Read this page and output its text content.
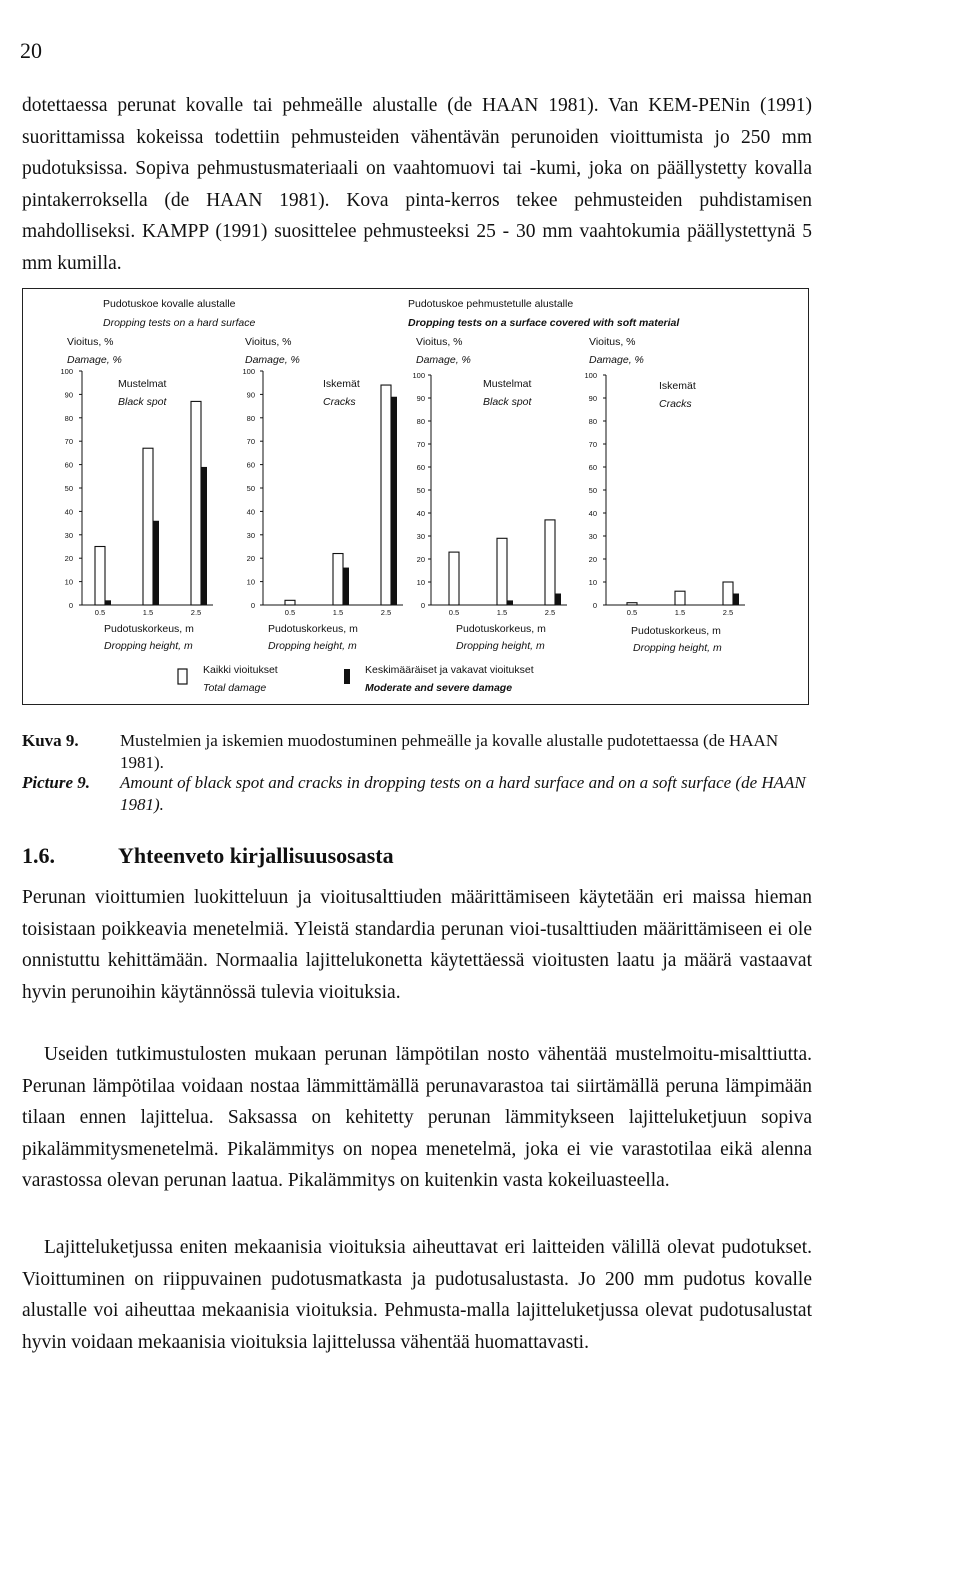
20

dotettaessa perunat kovalle tai pehmeälle alustalle (de HAAN 1981). Van KEM-PENin (1991) suorittamissa kokeissa todettiin pehmusteiden vähentävän perunoiden vioittumista jo 250 mm pudotuksissa. Sopiva pehmustusmateriaali on vaahtomuovi tai -kumi, joka on päällystetty kovalla pintakerroksella (de HAAN 1981). Kova pinta-kerros tekee pehmusteiden puhdistamisen mahdolliseksi. KAMPP (1991) suosittelee pehmusteeksi 25 - 30 mm vaahtokumia päällystettynä 5 mm kumilla.

Pudotuskoe kovalle alustalle
Dropping tests on a hard surface
Pudotuskoe pehmustetulle alustalle
Dropping tests on a surface covered with soft material
Vioitus, %
Damage, %
Mustelmat
Black spot
Pudotuskorkeus, m
Dropping height, m
Vioitus, %
Damage, %
Iskemät
Cracks
Pudotuskorkeus, m
Dropping height, m
Vioitus, %
Damage, %
Mustelmat
Black spot
Pudotuskorkeus, m
Dropping height, m
Vioitus, %
Damage, %
Iskemät
Cracks
Pudotuskorkeus, m
Dropping height, m
Kaikki vioitukset
Total damage
Keskimääräiset ja vakavat vioitukset
Moderate and severe damage
0
10
20
30
40
50
60
70
80
90
100
0.5	1.5	2.5
0
10
20
30
40
50
60
70
80
90
100
0.5	1.5	2.5
0
10
20
30
40
50
60
70
80
90
100
0.5	1.5	2.5
0
10
20
30
40
50
60
70
80
90
100
0.5	1.5	2.5
Kuva 9.	Mustelmien ja iskemien muodostuminen pehmeälle ja kovalle alustalle pudotettaessa (de HAAN 1981).
Picture 9.	Amount of black spot and cracks in dropping tests on a hard surface and on a soft surface (de HAAN 1981).
1.6.	Yhteenveto kirjallisuusosasta

Perunan vioittumien luokitteluun ja vioitusalttiuden määrittämiseen käytetään eri maissa hieman toisistaan poikkeavia menetelmiä. Yleistä standardia perunan vioi-tusalttiuden määrittämiseen ei ole onnistuttu kehittämään. Normaalia lajittelukonetta käytettäessä vioitusten laatu ja määrä vastaavat hyvin perunoihin käytännössä tulevia vioituksia.

Useiden tutkimustulosten mukaan perunan lämpötilan nosto vähentää mustelmoitu-misalttiutta. Perunan lämpötilaa voidaan nostaa lämmittämällä perunavarastoa tai siirtämällä peruna lämpimään tilaan ennen lajittelua. Saksassa on kehitetty perunan lämmitykseen lajitteluketjuun sopiva pikalämmitysmenetelmä. Pikalämmitys on nopea menetelmä, joka ei vie varastotilaa eikä alenna varastossa olevan perunan laatua. Pikalämmitys on kuitenkin vasta kokeiluasteella.

Lajitteluketjussa eniten mekaanisia vioituksia aiheuttavat eri laitteiden välillä olevat pudotukset. Vioittuminen on riippuvainen pudotusmatkasta ja pudotusalustasta. Jo 200 mm pudotus kovalle alustalle voi aiheuttaa mekaanisia vioituksia. Pehmusta-malla lajitteluketjussa olevat pudotusalustat hyvin voidaan mekaanisia vioituksia lajittelussa vähentää huomattavasti.
